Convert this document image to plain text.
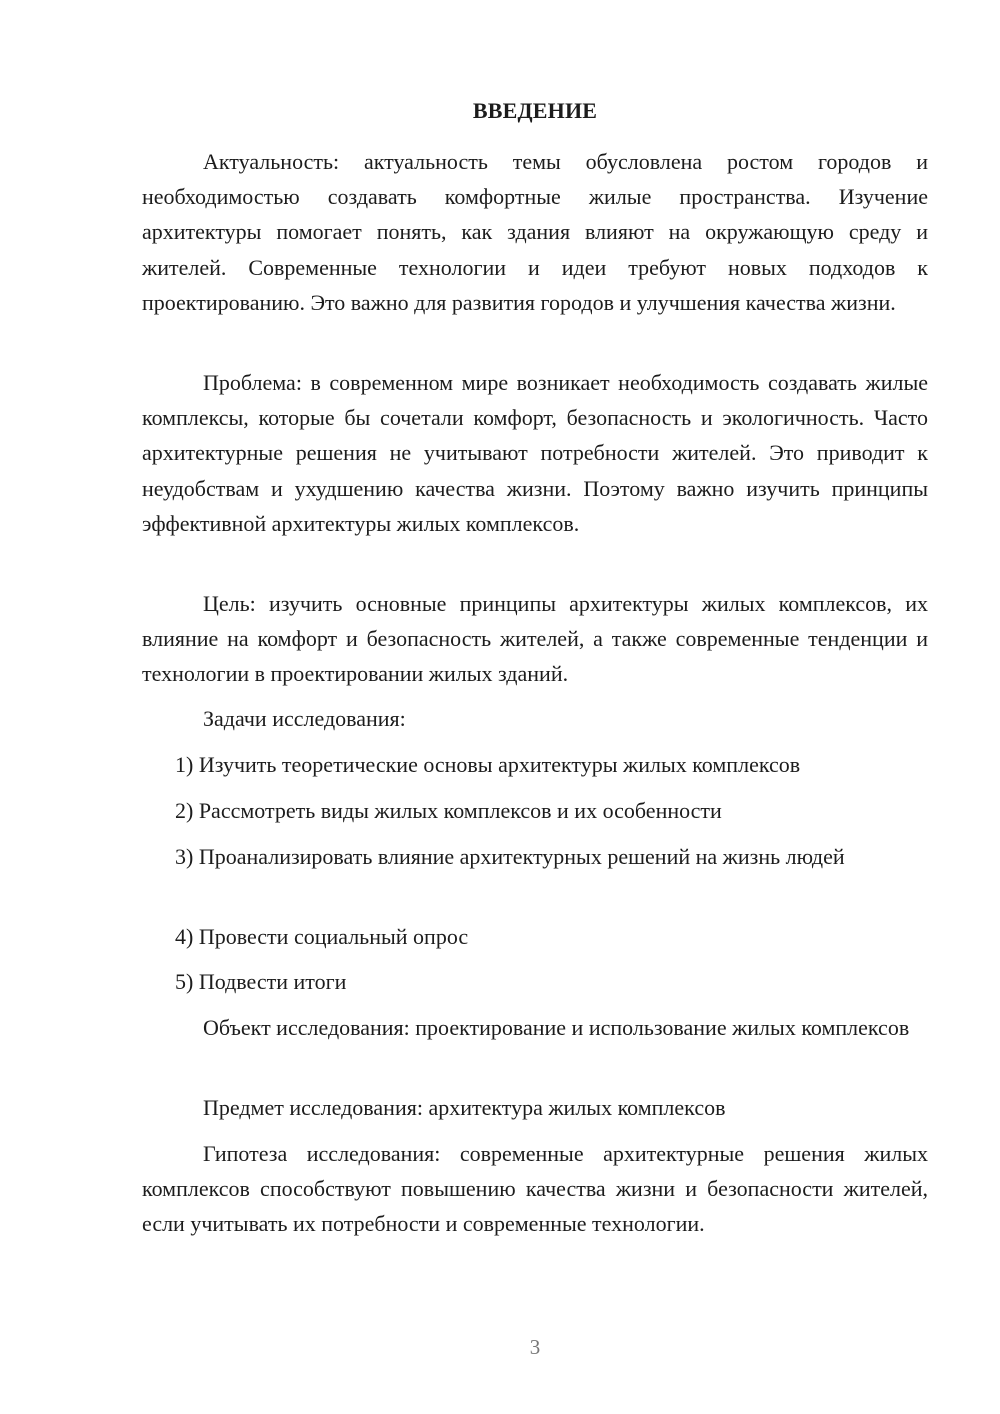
ВВЕДЕНИЕ
Актуальность: актуальность темы обусловлена ростом городов и необходимостью создавать комфортные жилые пространства. Изучение архитектуры помогает понять, как здания влияют на окружающую среду и жителей. Современные технологии и идеи требуют новых подходов к проектированию. Это важно для развития городов и улучшения качества жизни.
Проблема: в современном мире возникает необходимость создавать жилые комплексы, которые бы сочетали комфорт, безопасность и экологичность. Часто архитектурные решения не учитывают потребности жителей. Это приводит к неудобствам и ухудшению качества жизни. Поэтому важно изучить принципы эффективной архитектуры жилых комплексов.
Цель: изучить основные принципы архитектуры жилых комплексов, их влияние на комфорт и безопасность жителей, а также современные тенденции и технологии в проектировании жилых зданий.
Задачи исследования:
1) Изучить теоретические основы архитектуры жилых комплексов
2) Рассмотреть виды жилых комплексов и их особенности
3) Проанализировать влияние архитектурных решений на жизнь людей
4) Провести социальный опрос
5) Подвести итоги
Объект исследования: проектирование и использование жилых комплексов
Предмет исследования: архитектура жилых комплексов
Гипотеза исследования: современные архитектурные решения жилых комплексов способствуют повышению качества жизни и безопасности жителей, если учитывать их потребности и современные технологии.
3
